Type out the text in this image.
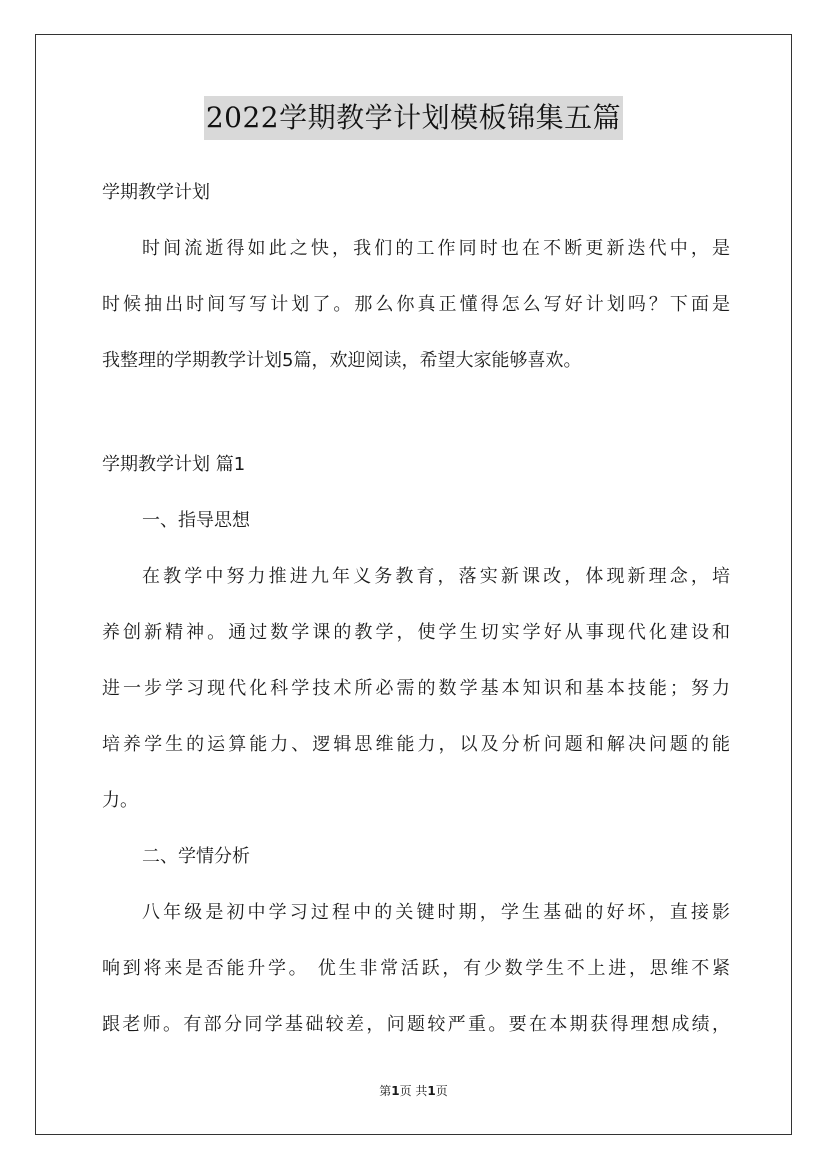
2022学期教学计划模板锦集五篇
学期教学计划
时间流逝得如此之快，我们的工作同时也在不断更新迭代中，是
时候抽出时间写写计划了。那么你真正懂得怎么写好计划吗？下面是
我整理的学期教学计划5篇，欢迎阅读，希望大家能够喜欢。
学期教学计划 篇1
一、指导思想
在教学中努力推进九年义务教育，落实新课改，体现新理念，培
养创新精神。通过数学课的教学，使学生切实学好从事现代化建设和
进一步学习现代化科学技术所必需的数学基本知识和基本技能；努力
培养学生的运算能力、逻辑思维能力，以及分析问题和解决问题的能
力。
二、学情分析
八年级是初中学习过程中的关键时期，学生基础的好坏，直接影
响到将来是否能升学。 优生非常活跃，有少数学生不上进，思维不紧
跟老师。有部分同学基础较差，问题较严重。要在本期获得理想成绩，
第1页 共1页
